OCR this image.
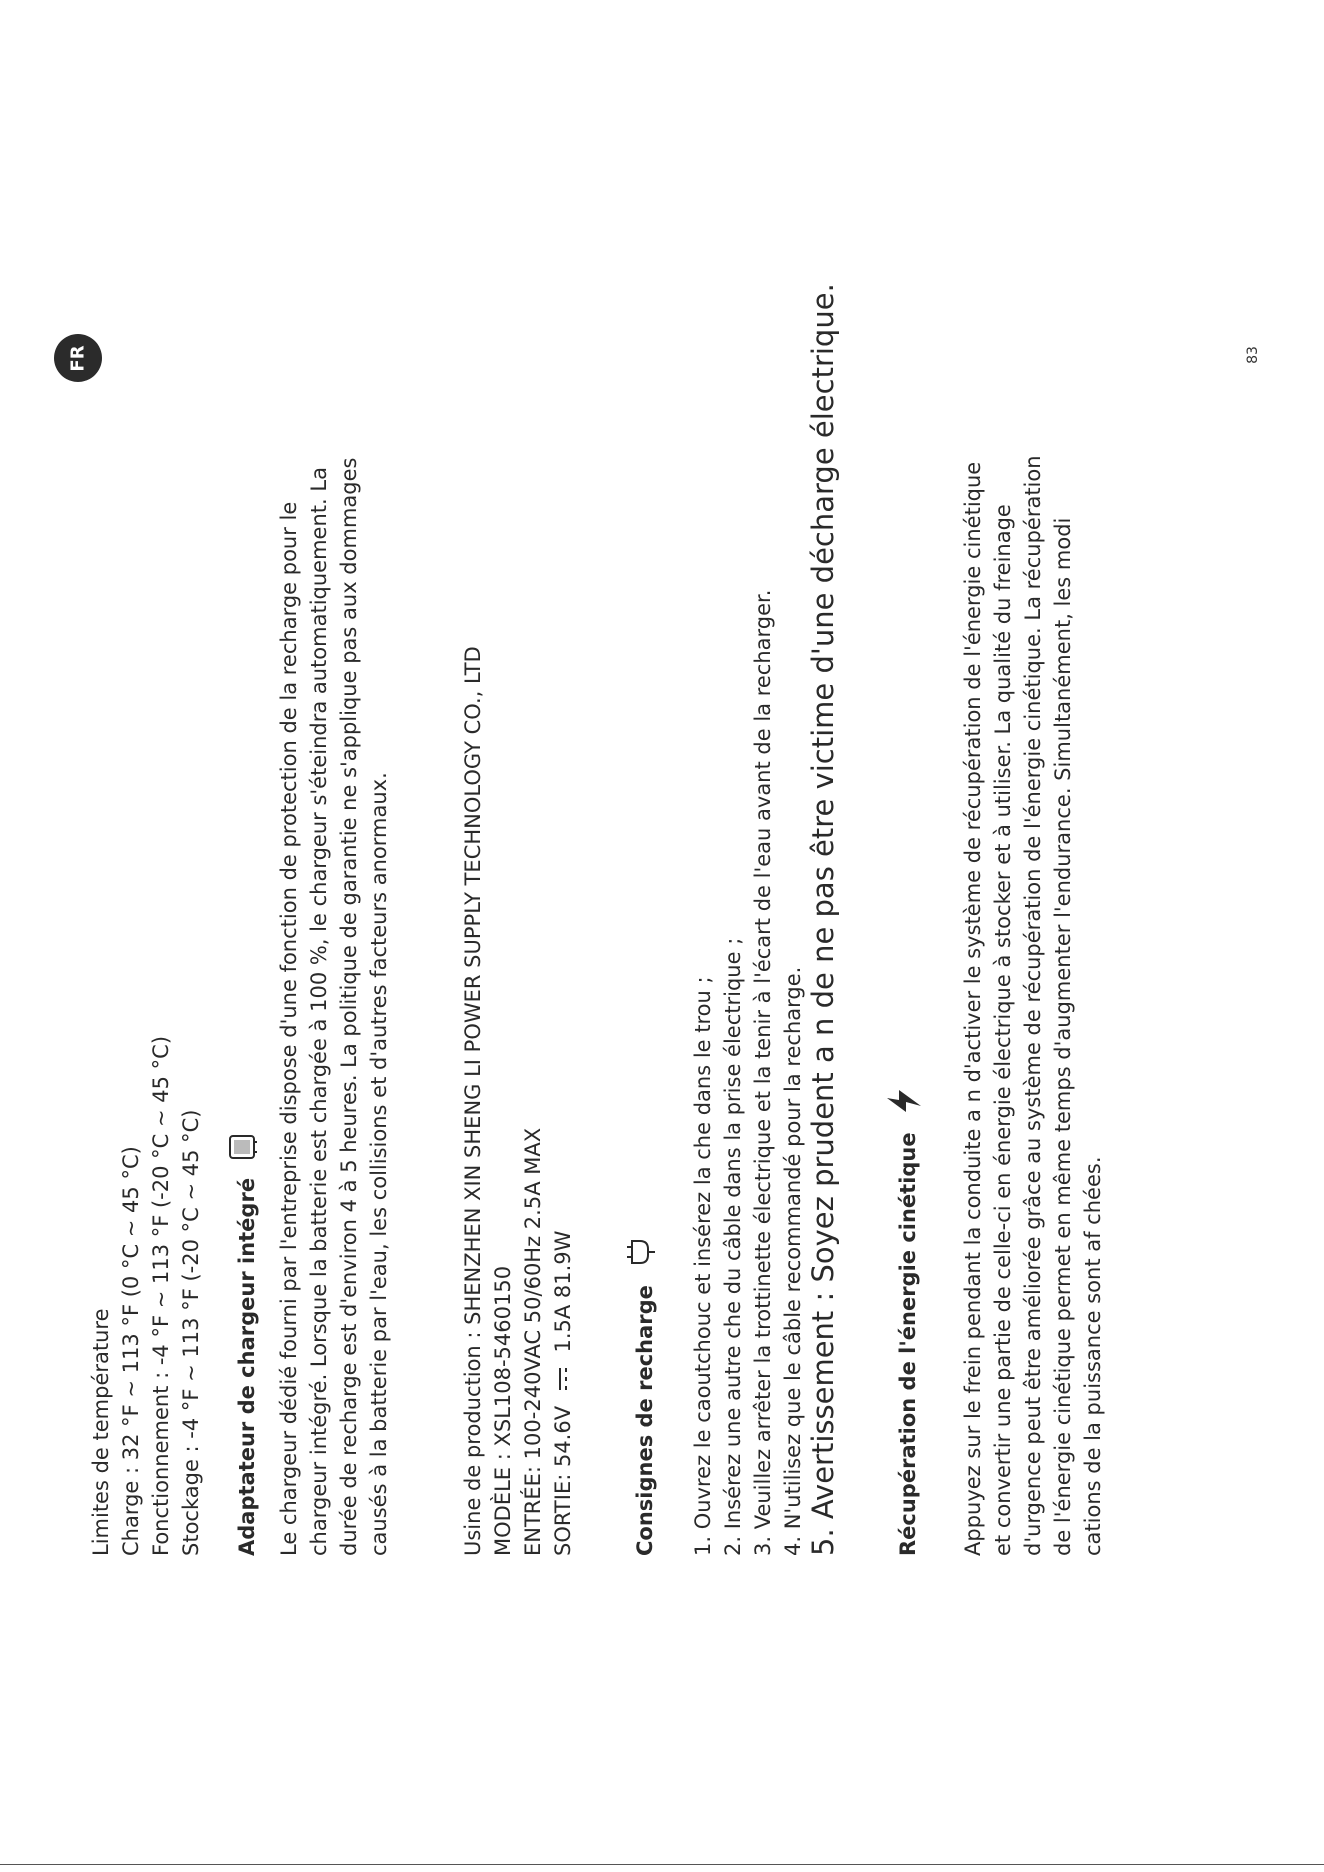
FR	83

Limites de température Charge : 32 °F ~ 113 °F (0 °C ~ 45 °C) Fonctionnement : -4 °F ~ 113 °F (-20 °C ~ 45 °C) Stockage : -4 °F ~ 113 °F (-20 °C ~ 45 °C) Adaptateur de chargeur intégré Le chargeur dédié fourni par l'entreprise dispose d'une fonction de protection de la recharge pour le chargeur intégré. Lorsque la batterie est chargée à 100 %, le chargeur s'éteindra automatiquement. La durée de recharge est d'environ 4 à 5 heures. La politique de garantie ne s'applique pas aux dommages causés à la batterie par l'eau, les collisions et d'autres facteurs anormaux.	Usine de production : SHENZHEN XIN SHENG LI POWER SUPPLY TECHNOLOGY CO., LTD MODÈLE : XSL108-5460150 ENTRÉE: 100-240VAC 50/60Hz 2.5A MAX SORTIE: 54.6V  1.5A 81.9W	Consignes de recharge 1. Ouvrez le caoutchouc et insérez la che dans le trou ; 2. Insérez une autre che du câble dans la prise électrique ; 3. Veuillez arrêter la trottinette électrique et la tenir à l'écart de l'eau avant de la recharger. 4. N'utilisez que le câble recommandé pour la recharge. 5. Avertissement : Soyez prudent a n de ne pas être victime d'une décharge électrique.	Récupération de l'énergie cinétique Appuyez sur le frein pendant la conduite a n d'activer le système de récupération de l'énergie cinétique et convertir une partie de celle-ci en énergie électrique à stocker et à utiliser. La qualité du freinage d'urgence peut être améliorée grâce au système de récupération de l'énergie cinétique. La récupération de l'énergie cinétique permet en même temps d'augmenter l'endurance. Simultanément, les modi cations de la puissance sont af chées.
